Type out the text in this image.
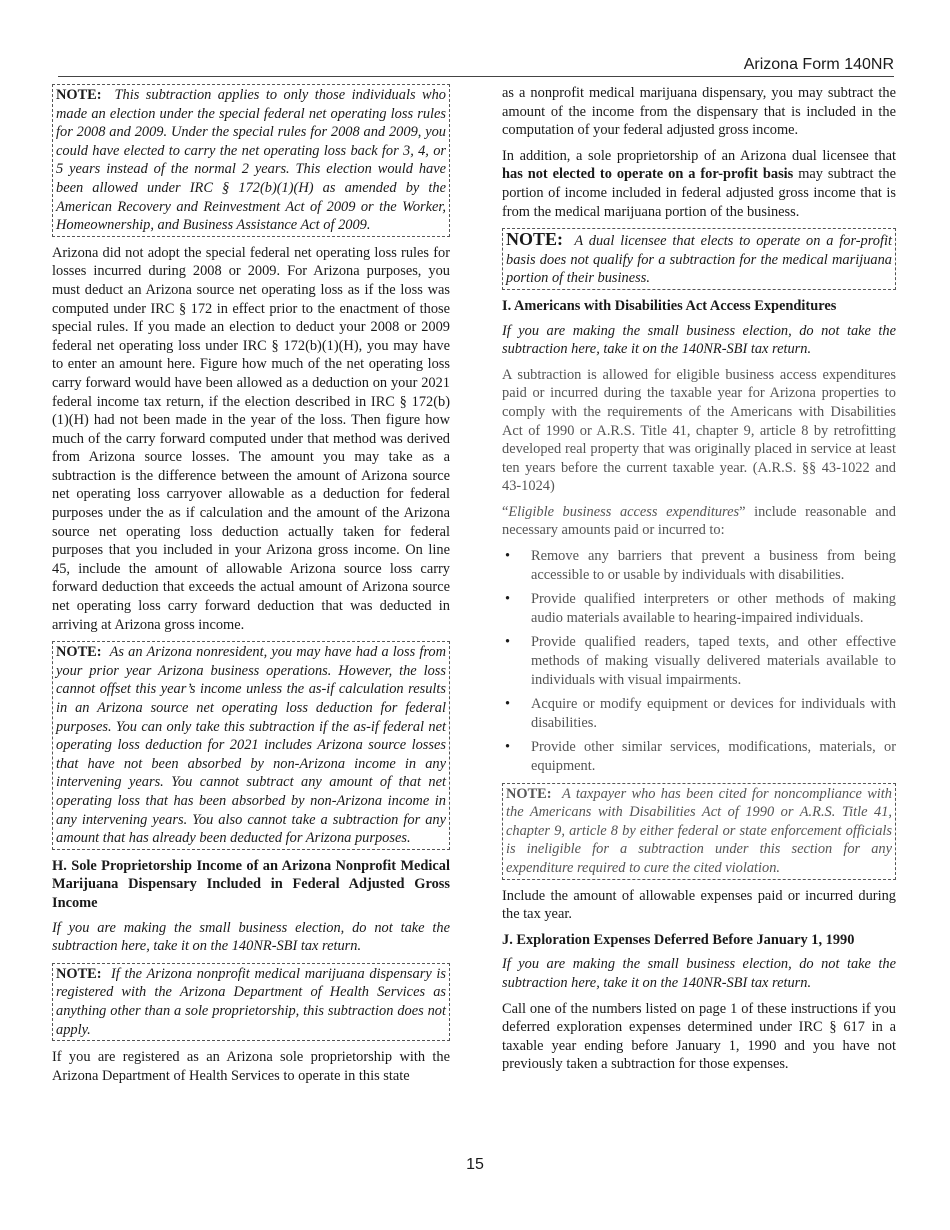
Arizona Form 140NR
NOTE: This subtraction applies to only those individuals who made an election under the special federal net operating loss rules for 2008 and 2009. Under the special rules for 2008 and 2009, you could have elected to carry the net operating loss back for 3, 4, or 5 years instead of the normal 2 years. This election would have been allowed under IRC § 172(b)(1)(H) as amended by the American Recovery and Reinvestment Act of 2009 or the Worker, Homeownership, and Business Assistance Act of 2009.

Arizona did not adopt the special federal net operating loss rules for losses incurred during 2008 or 2009. For Arizona purposes, you must deduct an Arizona source net operating loss as if the loss was computed under IRC § 172 in effect prior to the enactment of those special rules. If you made an election to deduct your 2008 or 2009 federal net operating loss under IRC § 172(b)(1)(H), you may have to enter an amount here. Figure how much of the net operating loss carry forward would have been allowed as a deduction on your 2021 federal income tax return, if the election described in IRC § 172(b)(1)(H) had not been made in the year of the loss. Then figure how much of the carry forward computed under that method was derived from Arizona source losses. The amount you may take as a subtraction is the difference between the amount of Arizona source net operating loss carryover allowable as a deduction for federal purposes under the as if calculation and the amount of the Arizona source net operating loss deduction actually taken for federal purposes that you included in your Arizona gross income. On line 45, include the amount of allowable Arizona source loss carry forward deduction that exceeds the actual amount of Arizona source net operating loss carry forward deduction that was deducted in arriving at Arizona gross income.

NOTE: As an Arizona nonresident, you may have had a loss from your prior year Arizona business operations. However, the loss cannot offset this year’s income unless the as-if calculation results in an Arizona source net operating loss deduction for federal purposes. You can only take this subtraction if the as-if federal net operating loss deduction for 2021 includes Arizona source losses that have not been absorbed by non-Arizona income in any intervening years. You cannot subtract any amount of that net operating loss that has been absorbed by non-Arizona income in any intervening years. You also cannot take a subtraction for any amount that has already been deducted for Arizona purposes.
H. Sole Proprietorship Income of an Arizona Nonprofit Medical Marijuana Dispensary Included in Federal Adjusted Gross Income

If you are making the small business election, do not take the subtraction here, take it on the 140NR-SBI tax return.

NOTE: If the Arizona nonprofit medical marijuana dispensary is registered with the Arizona Department of Health Services as anything other than a sole proprietorship, this subtraction does not apply.

If you are registered as an Arizona sole proprietorship with the Arizona Department of Health Services to operate in this state

as a nonprofit medical marijuana dispensary, you may subtract the amount of the income from the dispensary that is included in the computation of your federal adjusted gross income.

In addition, a sole proprietorship of an Arizona dual licensee that has not elected to operate on a for-profit basis may subtract the portion of income included in federal adjusted gross income that is from the medical marijuana portion of the business.

NOTE: A dual licensee that elects to operate on a for-profit basis does not qualify for a subtraction for the medical marijuana portion of their business.
I. Americans with Disabilities Act Access Expenditures

If you are making the small business election, do not take the subtraction here, take it on the 140NR-SBI tax return.

A subtraction is allowed for eligible business access expenditures paid or incurred during the taxable year for Arizona properties to comply with the requirements of the Americans with Disabilities Act of 1990 or A.R.S. Title 41, chapter 9, article 8 by retrofitting developed real property that was originally placed in service at least ten years before the current taxable year. (A.R.S. §§ 43-1022 and 43-1024)

“Eligible business access expenditures” include reasonable and necessary amounts paid or incurred to:

• Remove any barriers that prevent a business from being accessible to or usable by individuals with disabilities.
• Provide qualified interpreters or other methods of making audio materials available to hearing-impaired individuals.
• Provide qualified readers, taped texts, and other effective methods of making visually delivered materials available to individuals with visual impairments.
• Acquire or modify equipment or devices for individuals with disabilities.
• Provide other similar services, modifications, materials, or equipment.
NOTE: A taxpayer who has been cited for noncompliance with the Americans with Disabilities Act of 1990 or A.R.S. Title 41, chapter 9, article 8 by either federal or state enforcement officials is ineligible for a subtraction under this section for any expenditure required to cure the cited violation.

Include the amount of allowable expenses paid or incurred during the tax year.

J. Exploration Expenses Deferred Before January 1, 1990

If you are making the small business election, do not take the subtraction here, take it on the 140NR-SBI tax return.

Call one of the numbers listed on page 1 of these instructions if you deferred exploration expenses determined under IRC § 617 in a taxable year ending before January 1, 1990 and you have not previously taken a subtraction for those expenses.

15
